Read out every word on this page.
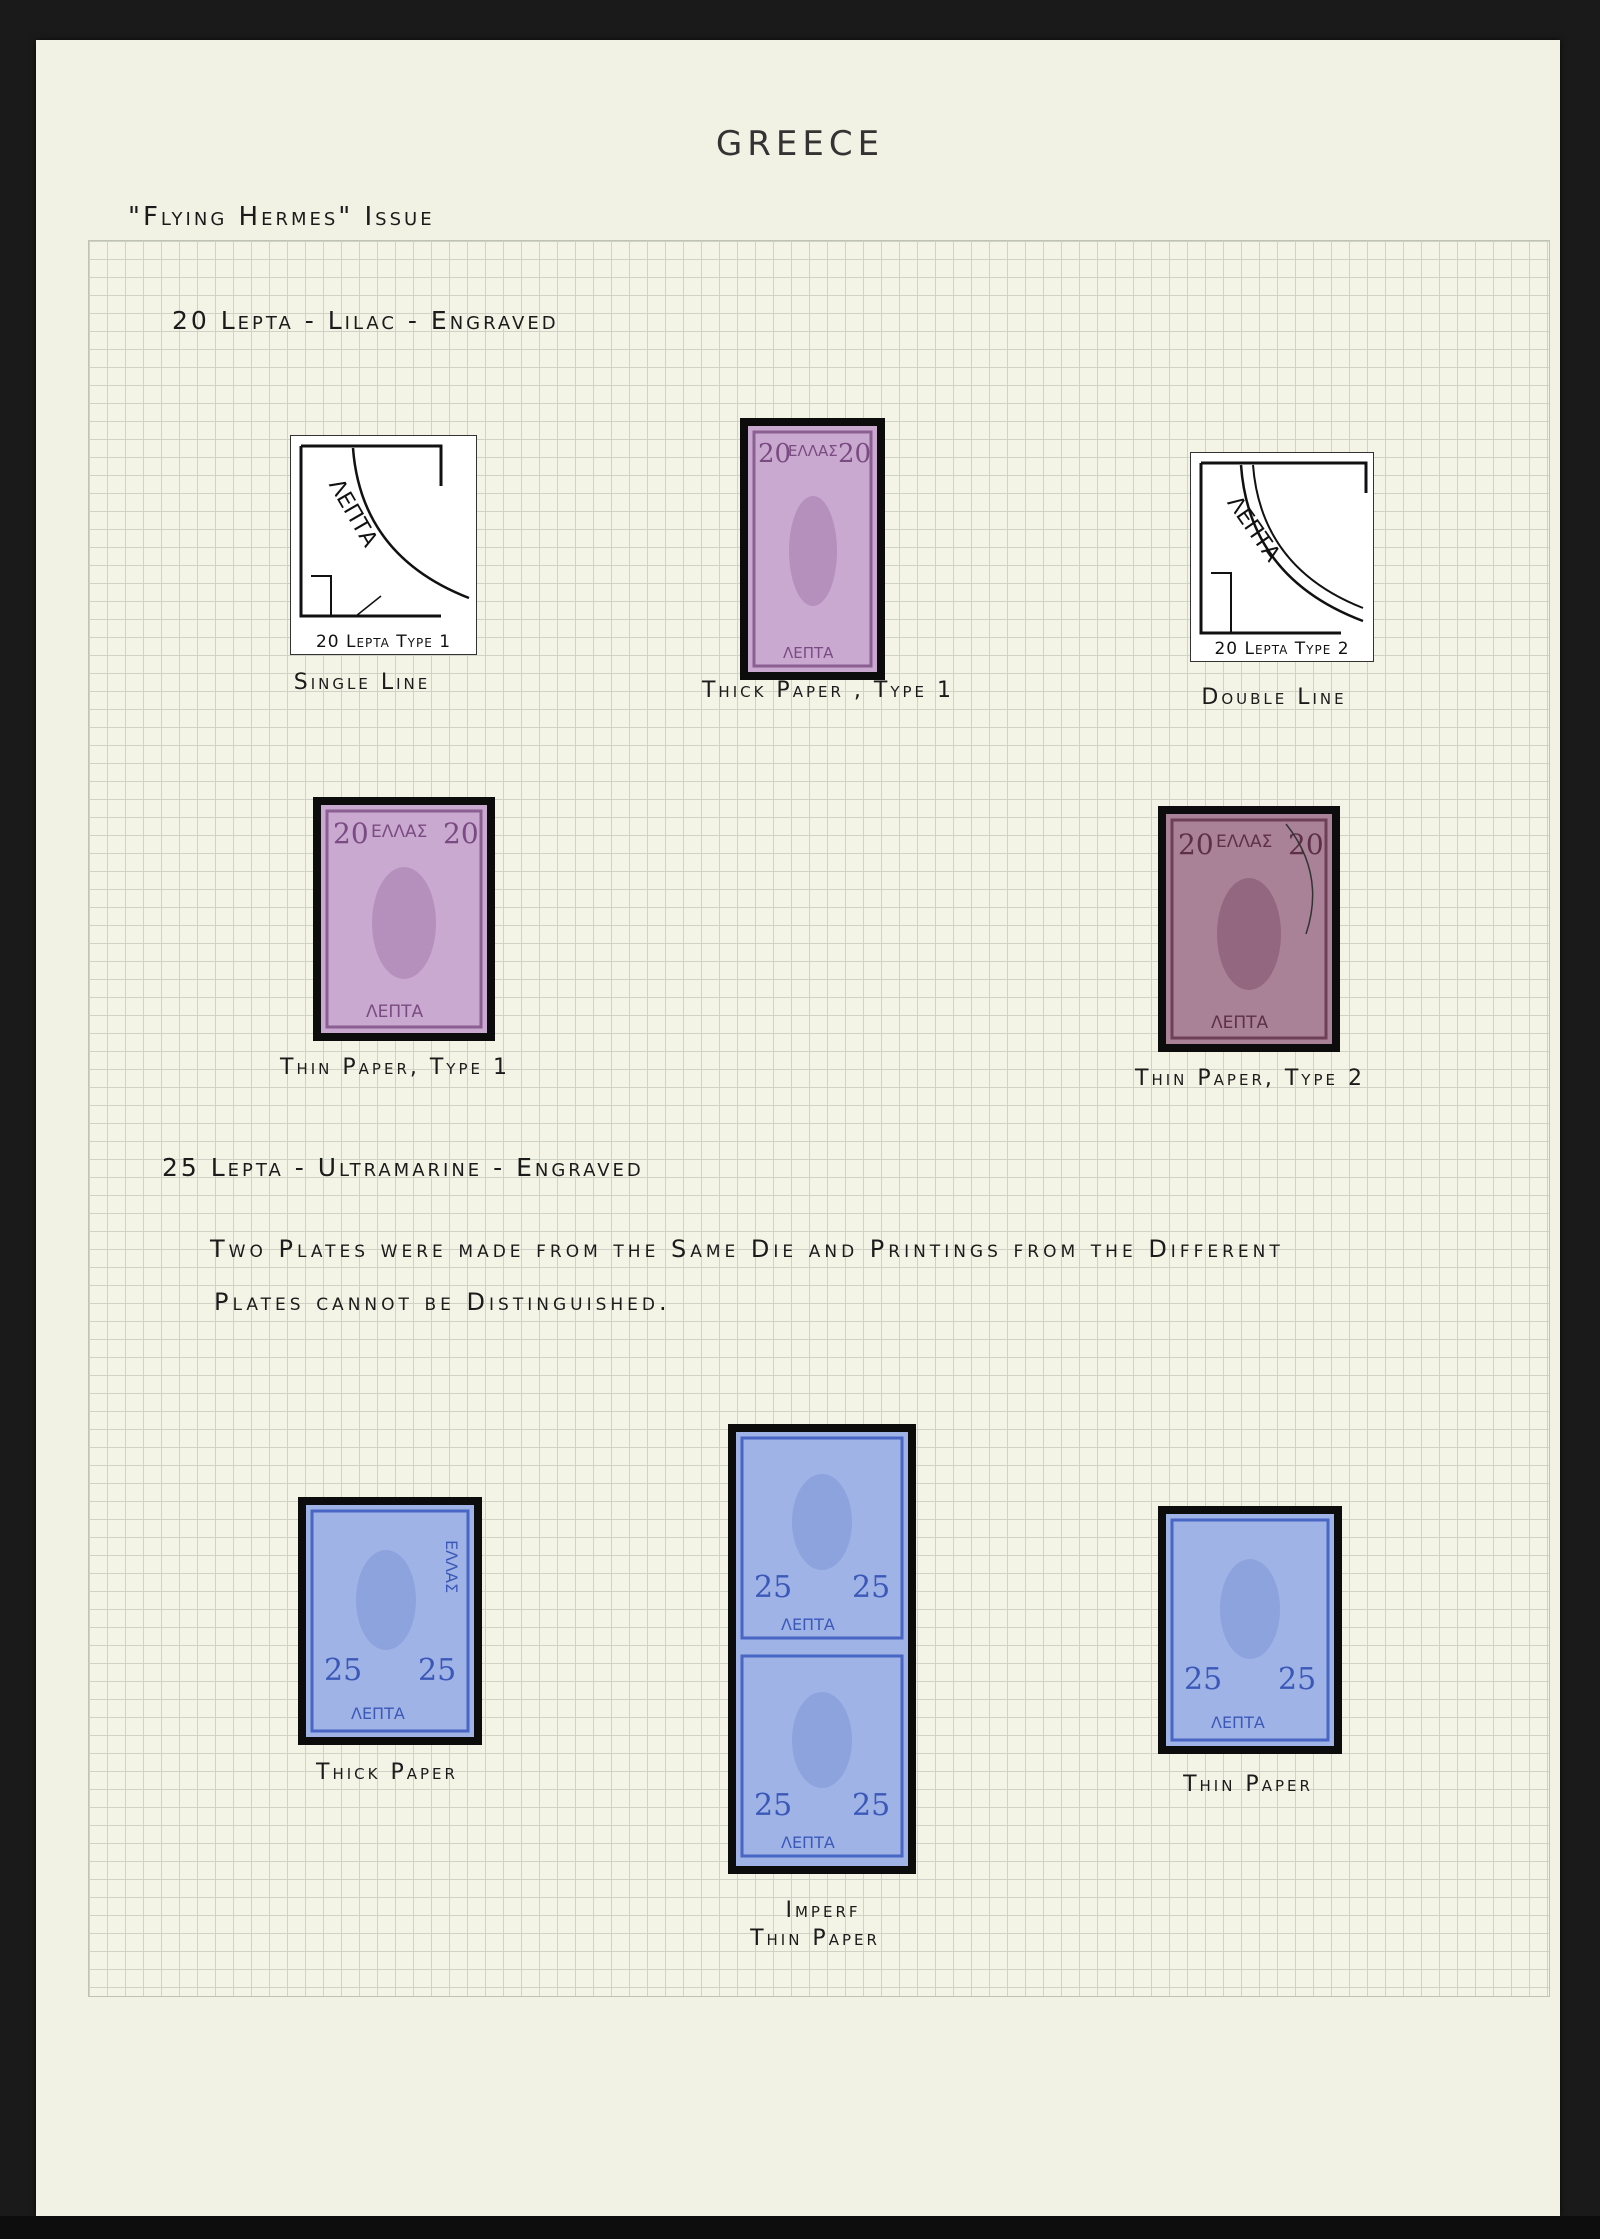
GREECE
"Flying Hermes" Issue
20 Lepta - Lilac - Engraved
ΛΕΠΤΑ
20 Lepta Type 1
ΛΕΠΤΑ
20 Lepta Type 2
20 20
ΕΛΛΑΣ
ΛΕΠΤΑ
20	20
ΕΛΛΑΣ
ΛΕΠΤΑ
20	20
ΕΛΛΑΣ
ΛΕΠΤΑ
Single Line	Thick Paper , Type 1	Double Line
Thin Paper, Type 1	Thin Paper, Type 2
25 Lepta - Ultramarine - Engraved
Two Plates were made from the Same Die and Printings from the Different
Plates cannot be Distinguished.
ΕΛΛΑΣ
25 25
ΛΕΠΤΑ
25 25
25 25
ΛΕΠΤΑ
ΛΕΠΤΑ
25 25
ΛΕΠΤΑ
Thick Paper
Imperf
Thin Paper
Thin Paper
